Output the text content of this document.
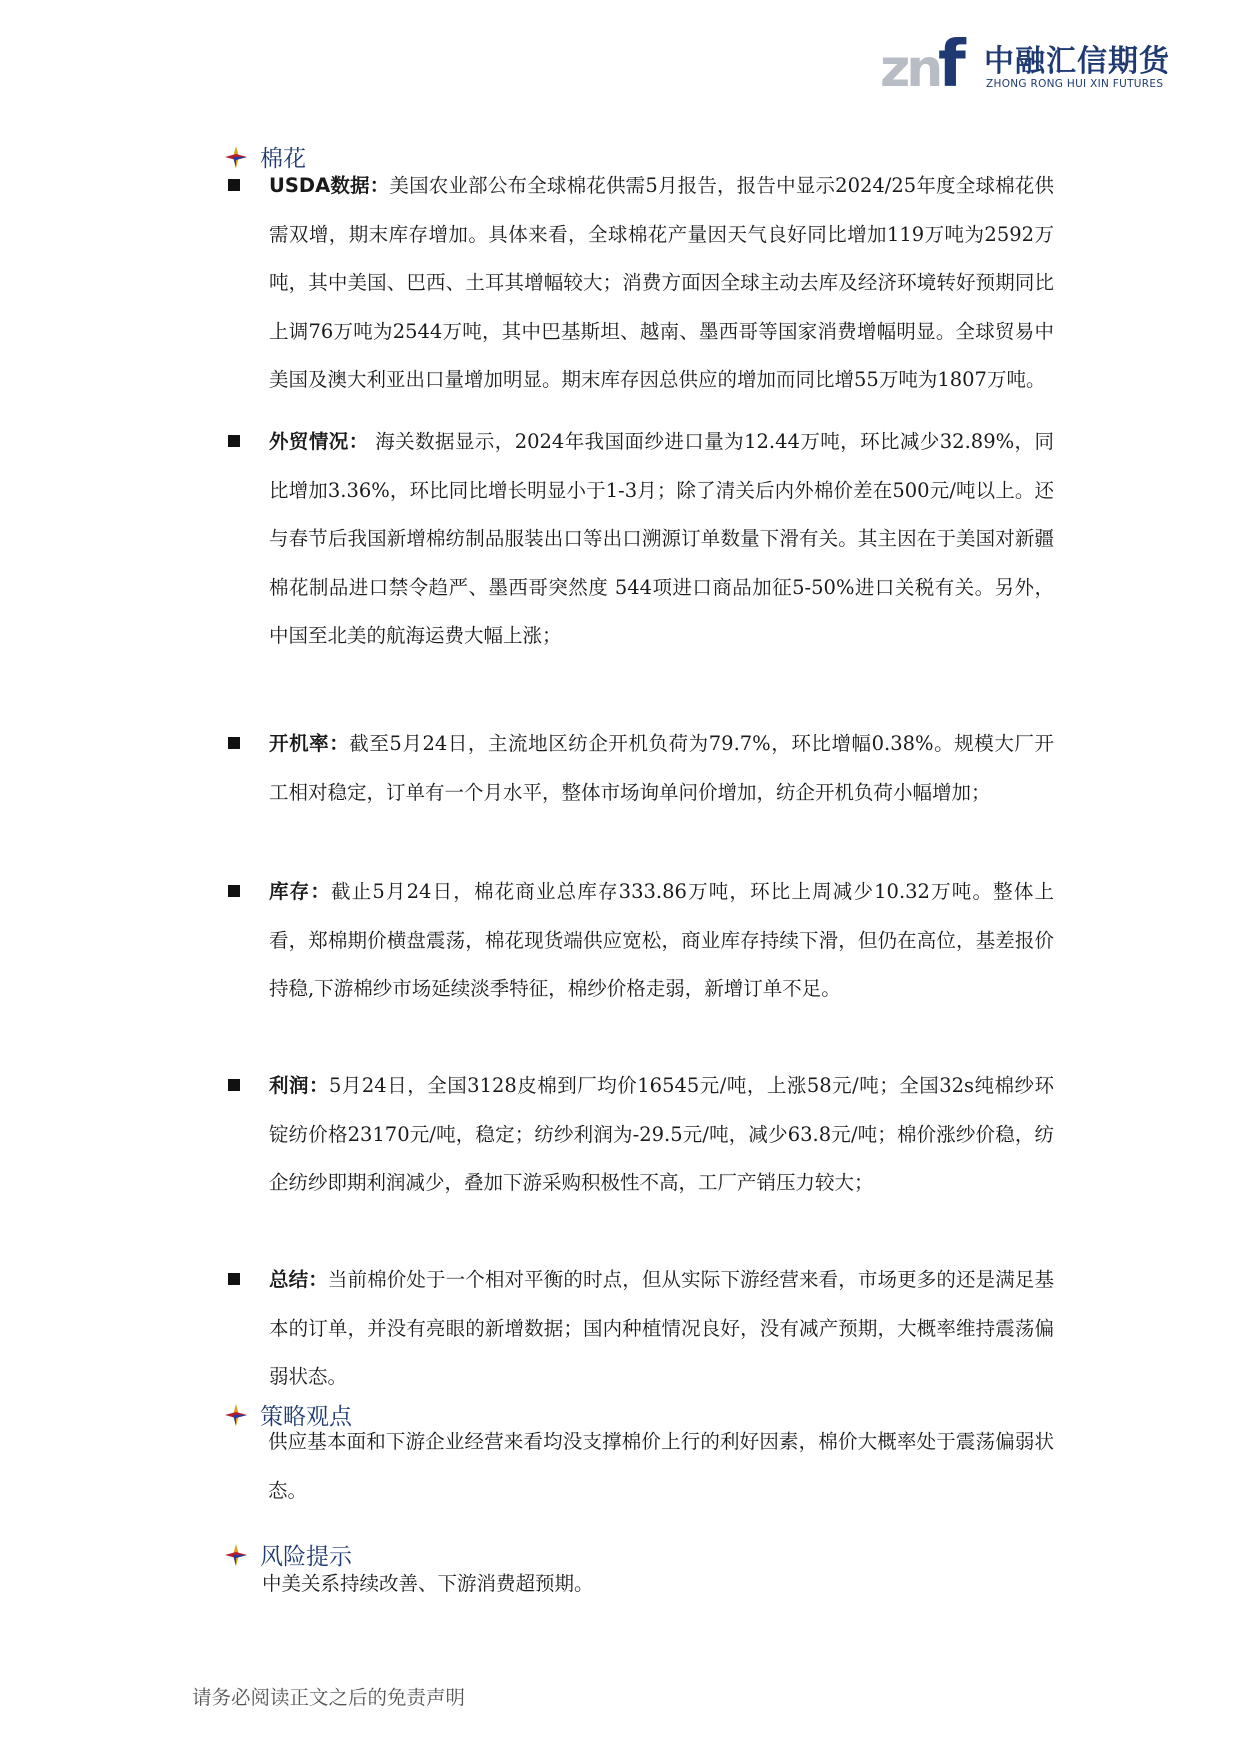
zn
f 中融汇信期货
ZHONG RONG HUI XIN FUTURES
棉花
USDA数据：美国农业部公布全球棉花供需5月报告，报告中显示2024/25年度全球棉花供需双增，期末库存增加。具体来看，全球棉花产量因天气良好同比增加119万吨为2592万吨，其中美国、巴西、土耳其增幅较大；消费方面因全球主动去库及经济环境转好预期同比上调76万吨为2544万吨，其中巴基斯坦、越南、墨西哥等国家消费增幅明显。全球贸易中美国及澳大利亚出口量增加明显。期末库存因总供应的增加而同比增55万吨为1807万吨。
外贸情况： 海关数据显示，2024年我国面纱进口量为12.44万吨，环比减少32.89%，同比增加3.36%，环比同比增长明显小于1-3月；除了清关后内外棉价差在500元/吨以上。还与春节后我国新增棉纺制品服装出口等出口溯源订单数量下滑有关。其主因在于美国对新疆棉花制品进口禁令趋严、墨西哥突然度 544项进口商品加征5-50%进口关税有关。另外，中国至北美的航海运费大幅上涨；
开机率：截至5月24日，主流地区纺企开机负荷为79.7%，环比增幅0.38%。规模大厂开工相对稳定，订单有一个月水平，整体市场询单问价增加，纺企开机负荷小幅增加；
库存：截止5月24日，棉花商业总库存333.86万吨，环比上周减少10.32万吨。整体上看，郑棉期价横盘震荡，棉花现货端供应宽松，商业库存持续下滑，但仍在高位，基差报价持稳,下游棉纱市场延续淡季特征，棉纱价格走弱，新增订单不足。
利润：5月24日，全国3128皮棉到厂均价16545元/吨，上涨58元/吨；全国32s纯棉纱环锭纺价格23170元/吨，稳定；纺纱利润为-29.5元/吨，减少63.8元/吨；棉价涨纱价稳，纺企纺纱即期利润减少，叠加下游采购积极性不高，工厂产销压力较大；
总结：当前棉价处于一个相对平衡的时点，但从实际下游经营来看，市场更多的还是满足基本的订单，并没有亮眼的新增数据；国内种植情况良好，没有减产预期，大概率维持震荡偏弱状态。
策略观点
供应基本面和下游企业经营来看均没支撑棉价上行的利好因素，棉价大概率处于震荡偏弱状态。
风险提示
中美关系持续改善、下游消费超预期。
请务必阅读正文之后的免责声明
